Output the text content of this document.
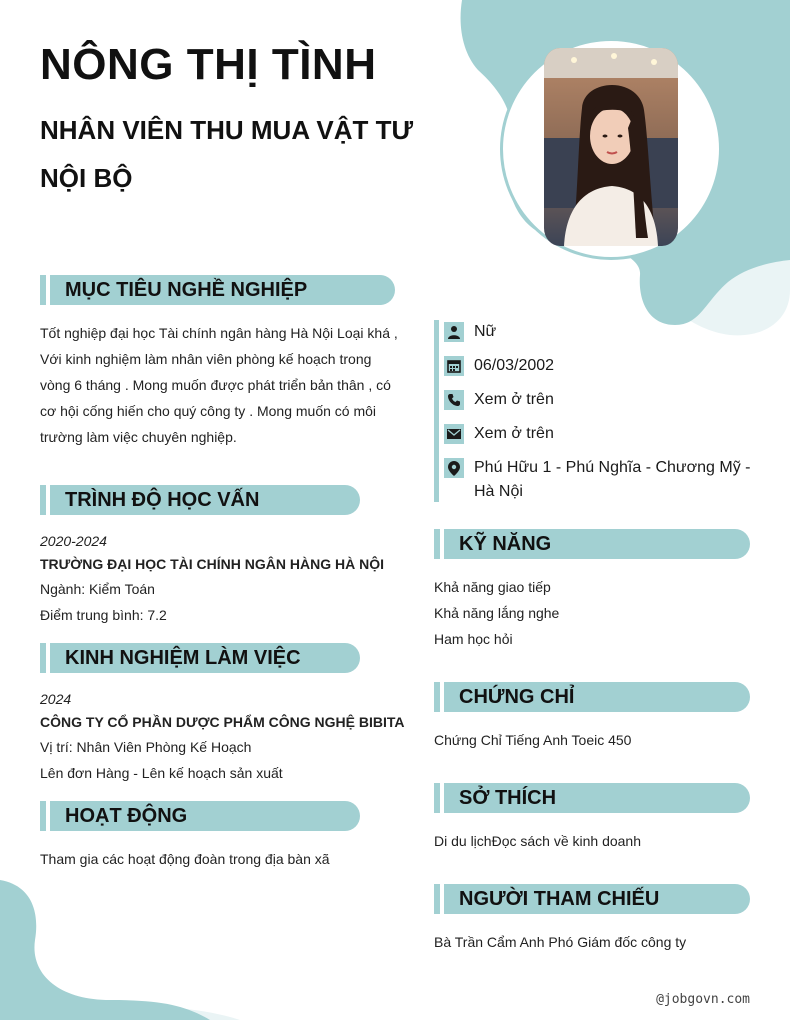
NÔNG THỊ TÌNH
NHÂN VIÊN THU MUA VẬT TƯ NỘI BỘ
MỤC TIÊU NGHỀ NGHIỆP
Tốt nghiệp đại học Tài chính ngân hàng Hà Nội Loại khá , Với kinh nghiệm làm nhân viên phòng kế hoạch trong vòng 6 tháng . Mong muốn được phát triển bản thân , có cơ hội cống hiến cho quý công ty . Mong muốn có môi trường làm việc chuyên nghiệp.
TRÌNH ĐỘ HỌC VẤN
2020-2024
TRƯỜNG ĐẠI HỌC TÀI CHÍNH NGÂN HÀNG HÀ NỘI
Ngành: Kiểm Toán
Điểm trung bình: 7.2
KINH NGHIỆM LÀM VIỆC
2024
CÔNG TY CỔ PHẦN DƯỢC PHẨM CÔNG NGHỆ BIBITA
Vị trí: Nhân Viên Phòng Kế Hoạch
Lên đơn Hàng - Lên kế hoạch sản xuất
HOẠT ĐỘNG
Tham gia các hoạt động đoàn trong địa bàn xã
Nữ
06/03/2002
Xem ở trên
Xem ở trên
Phú Hữu 1 - Phú Nghĩa - Chương Mỹ - Hà Nội
KỸ NĂNG
Khả năng giao tiếp
Khả năng lắng nghe
Ham học hỏi
CHỨNG CHỈ
Chứng Chỉ Tiếng Anh Toeic 450
SỞ THÍCH
Di du lịchĐọc sách về kinh doanh
NGƯỜI THAM CHIẾU
Bà Trần Cẩm Anh Phó Giám đốc công ty
@jobgovn.com
